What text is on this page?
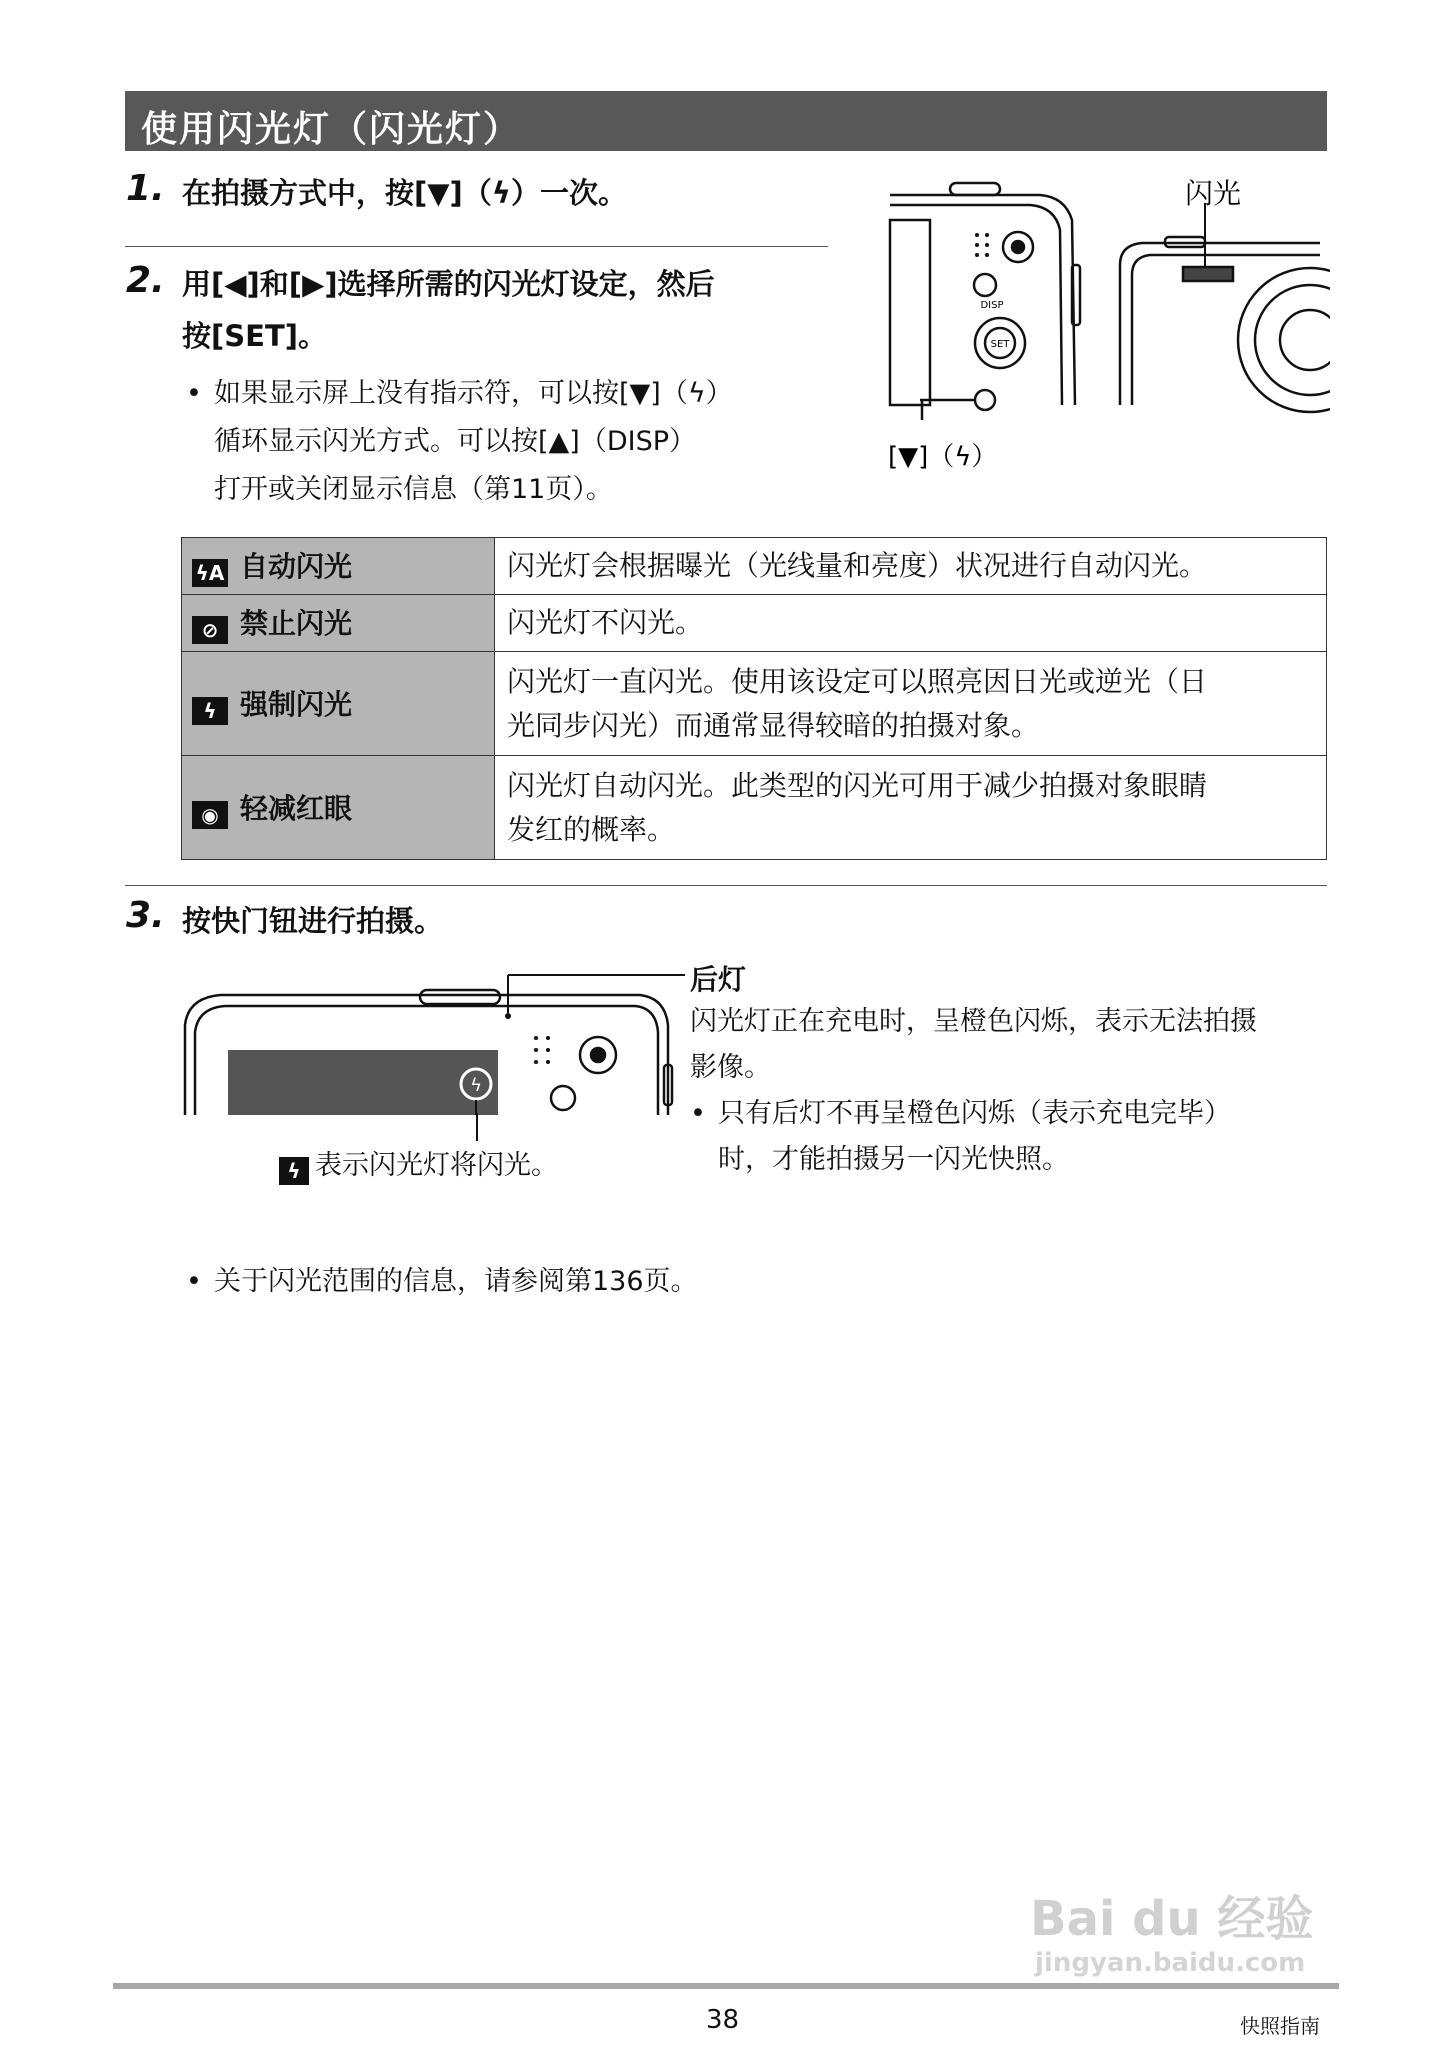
使用闪光灯（闪光灯）
1. 在拍摄方式中，按[▼]（ϟ）一次。
2. 用[◀]和[▶]选择所需的闪光灯设定，然后
按[SET]。
• 如果显示屏上没有指示符，可以按[▼]（ϟ）
循环显示闪光方式。可以按[▲]（DISP）
打开或关闭显示信息（第11页）。
DISP
SET
闪光
[▼]（ϟ）
ϟA 自动闪光	闪光灯会根据曝光（光线量和亮度）状况进行自动闪光。
⊘ 禁止闪光	闪光灯不闪光。
ϟ 强制闪光	闪光灯一直闪光。使用该设定可以照亮因日光或逆光（日
光同步闪光）而通常显得较暗的拍摄对象。

◉ 轻减红眼	闪光灯自动闪光。此类型的闪光可用于减少拍摄对象眼睛
发红的概率。
3. 按快门钮进行拍摄。
ϟ
ϟ 表示闪光灯将闪光。
后灯
闪光灯正在充电时，呈橙色闪烁，表示无法拍摄
影像。
• 只有后灯不再呈橙色闪烁（表示充电完毕）
时，才能拍摄另一闪光快照。
• 关于闪光范围的信息，请参阅第136页。
Bai du 经验
jingyan.baidu.com
38	快照指南
